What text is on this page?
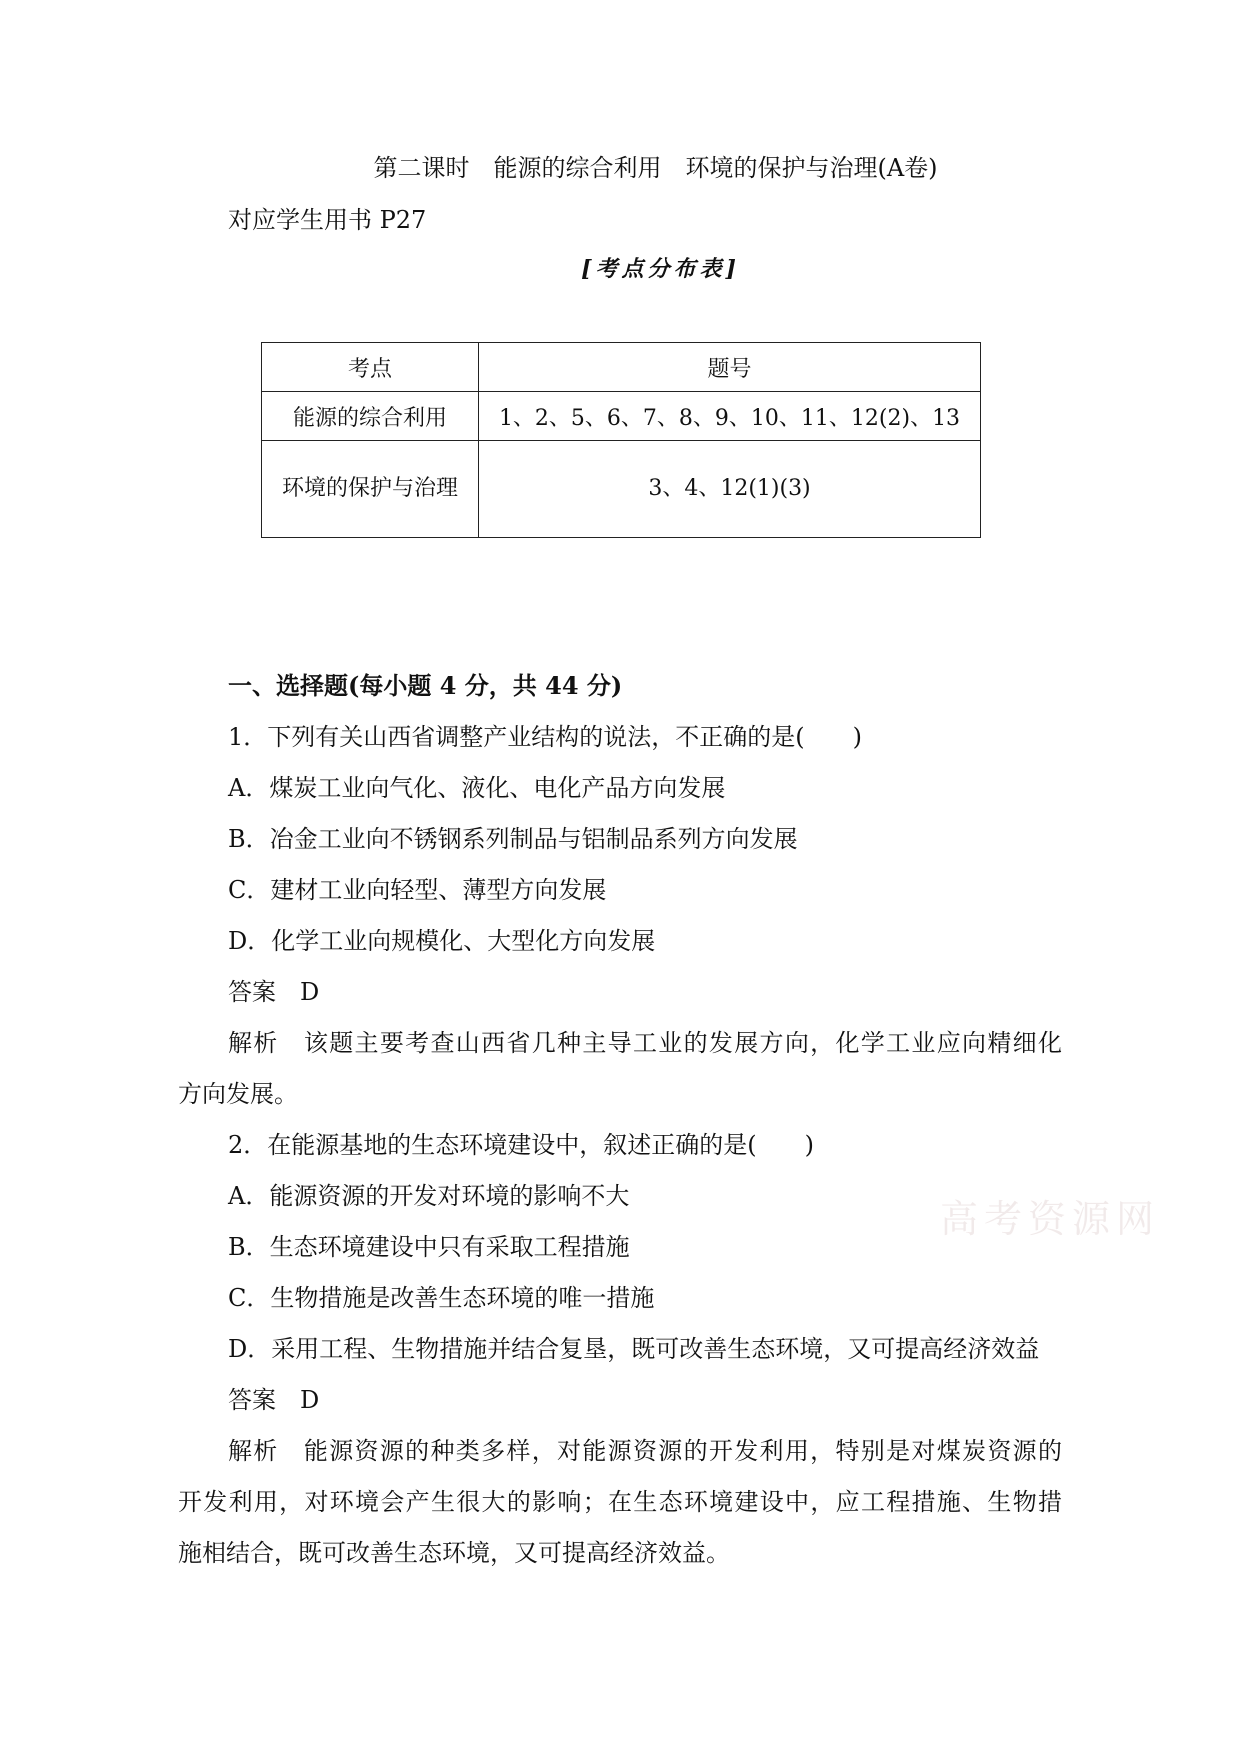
第二课时　能源的综合利用　环境的保护与治理(A卷)
对应学生用书 P27
[考点分布表]
考点	题号
能源的综合利用	1、2、5、6、7、8、9、10、11、12(2)、13
环境的保护与治理	3、4、12(1)(3)
一、选择题(每小题 4 分，共 44 分)
1．下列有关山西省调整产业结构的说法，不正确的是(　　)
A．煤炭工业向气化、液化、电化产品方向发展
B．冶金工业向不锈钢系列制品与铝制品系列方向发展
C．建材工业向轻型、薄型方向发展
D．化学工业向规模化、大型化方向发展
答案　D
解析　该题主要考查山西省几种主导工业的发展方向，化学工业应向精细化
方向发展。
2．在能源基地的生态环境建设中，叙述正确的是(　　)
A．能源资源的开发对环境的影响不大
B．生态环境建设中只有采取工程措施
C．生物措施是改善生态环境的唯一措施
D．采用工程、生物措施并结合复垦，既可改善生态环境，又可提高经济效益
答案　D
解析　能源资源的种类多样，对能源资源的开发利用，特别是对煤炭资源的
开发利用，对环境会产生很大的影响；在生态环境建设中，应工程措施、生物措
施相结合，既可改善生态环境，又可提高经济效益。
高考资源网
